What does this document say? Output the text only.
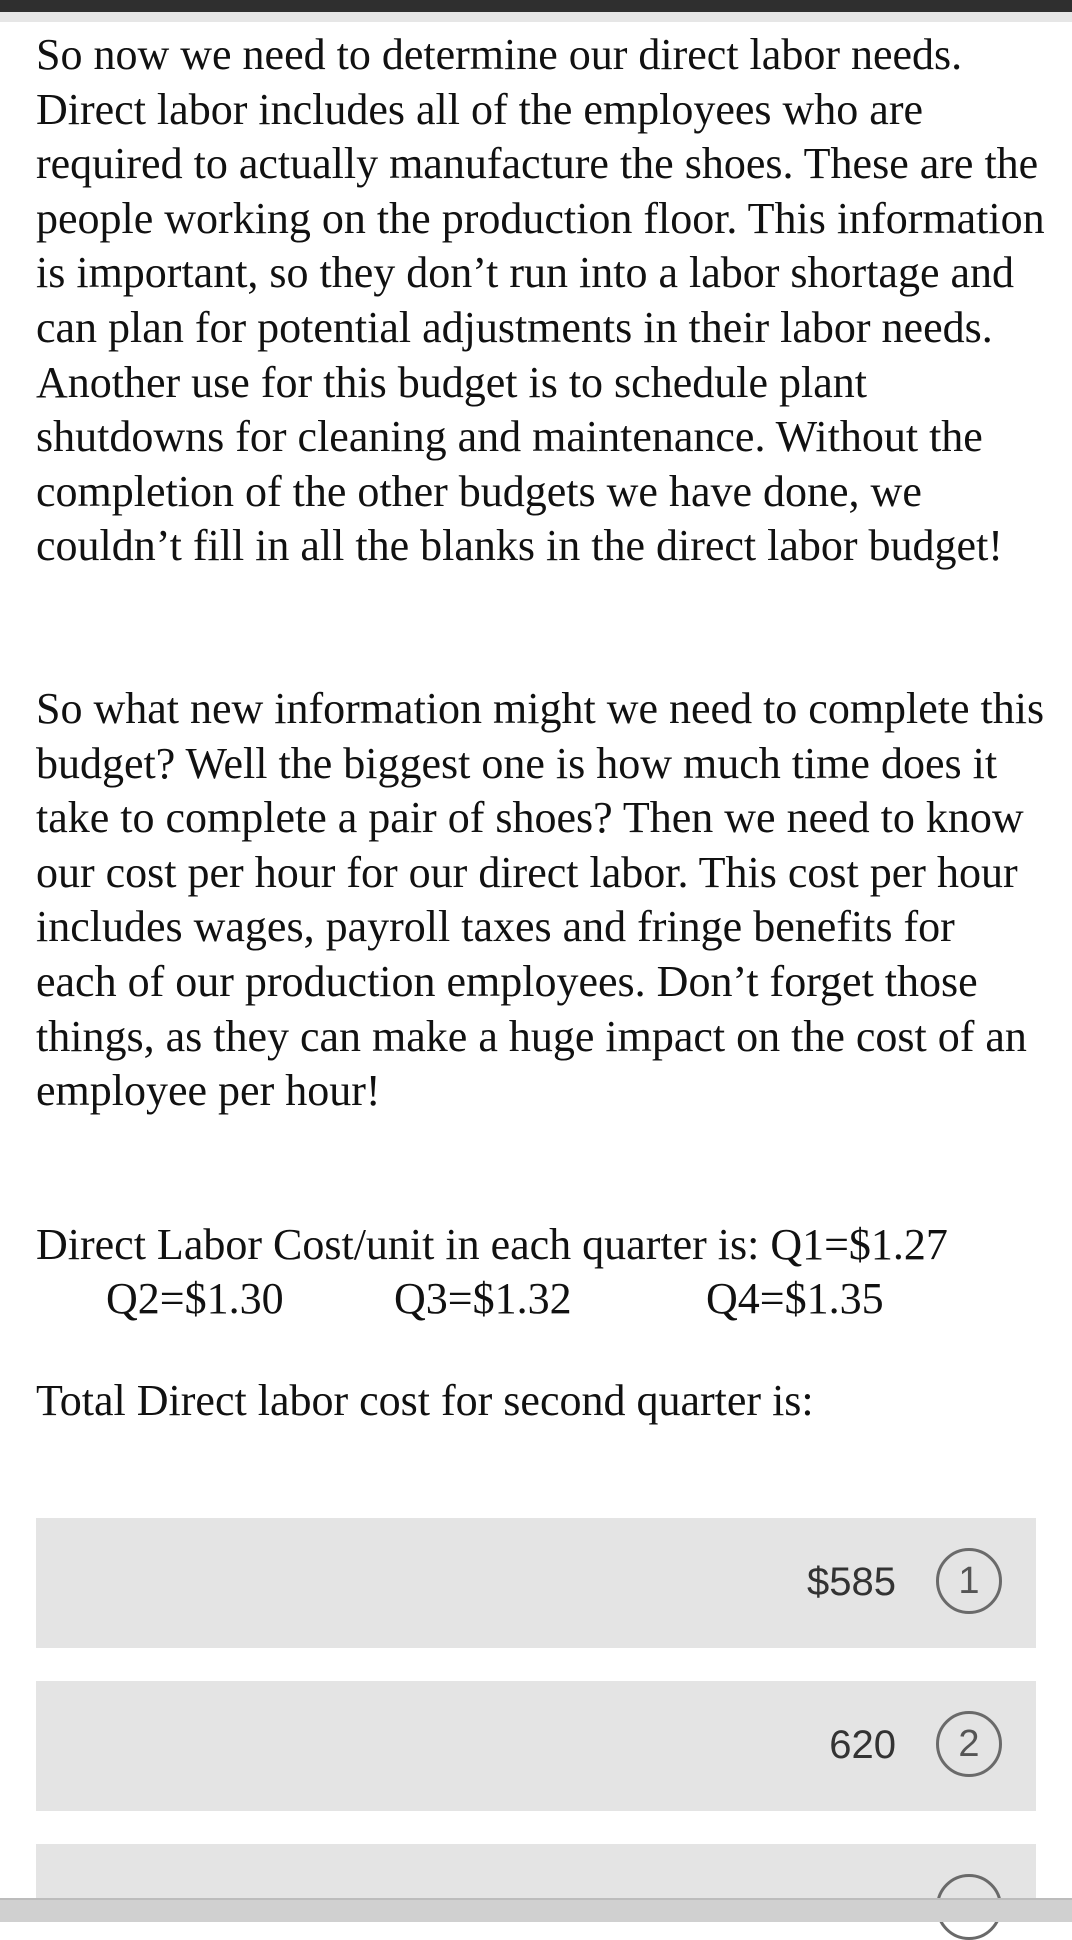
So now we need to determine our direct labor needs. Direct labor includes all of the employees who are required to actually manufacture the shoes. These are the people working on the production floor. This information is important, so they don’t run into a labor shortage and can plan for potential adjustments in their labor needs. Another use for this budget is to schedule plant shutdowns for cleaning and maintenance. Without the completion of the other budgets we have done, we couldn’t fill in all the blanks in the direct labor budget!

So what new information might we need to complete this budget? Well the biggest one is how much time does it take to complete a pair of shoes? Then we need to know our cost per hour for our direct labor. This cost per hour includes wages, payroll taxes and fringe benefits for each of our production employees. Don’t forget those things, as they can make a huge impact on the cost of an employee per hour!

Direct Labor Cost/unit in each quarter is: Q1=$1.27

Q2=$1.30	Q3=$1.32	Q4=$1.35

Total Direct labor cost for second quarter is:

$585	1
620	2
